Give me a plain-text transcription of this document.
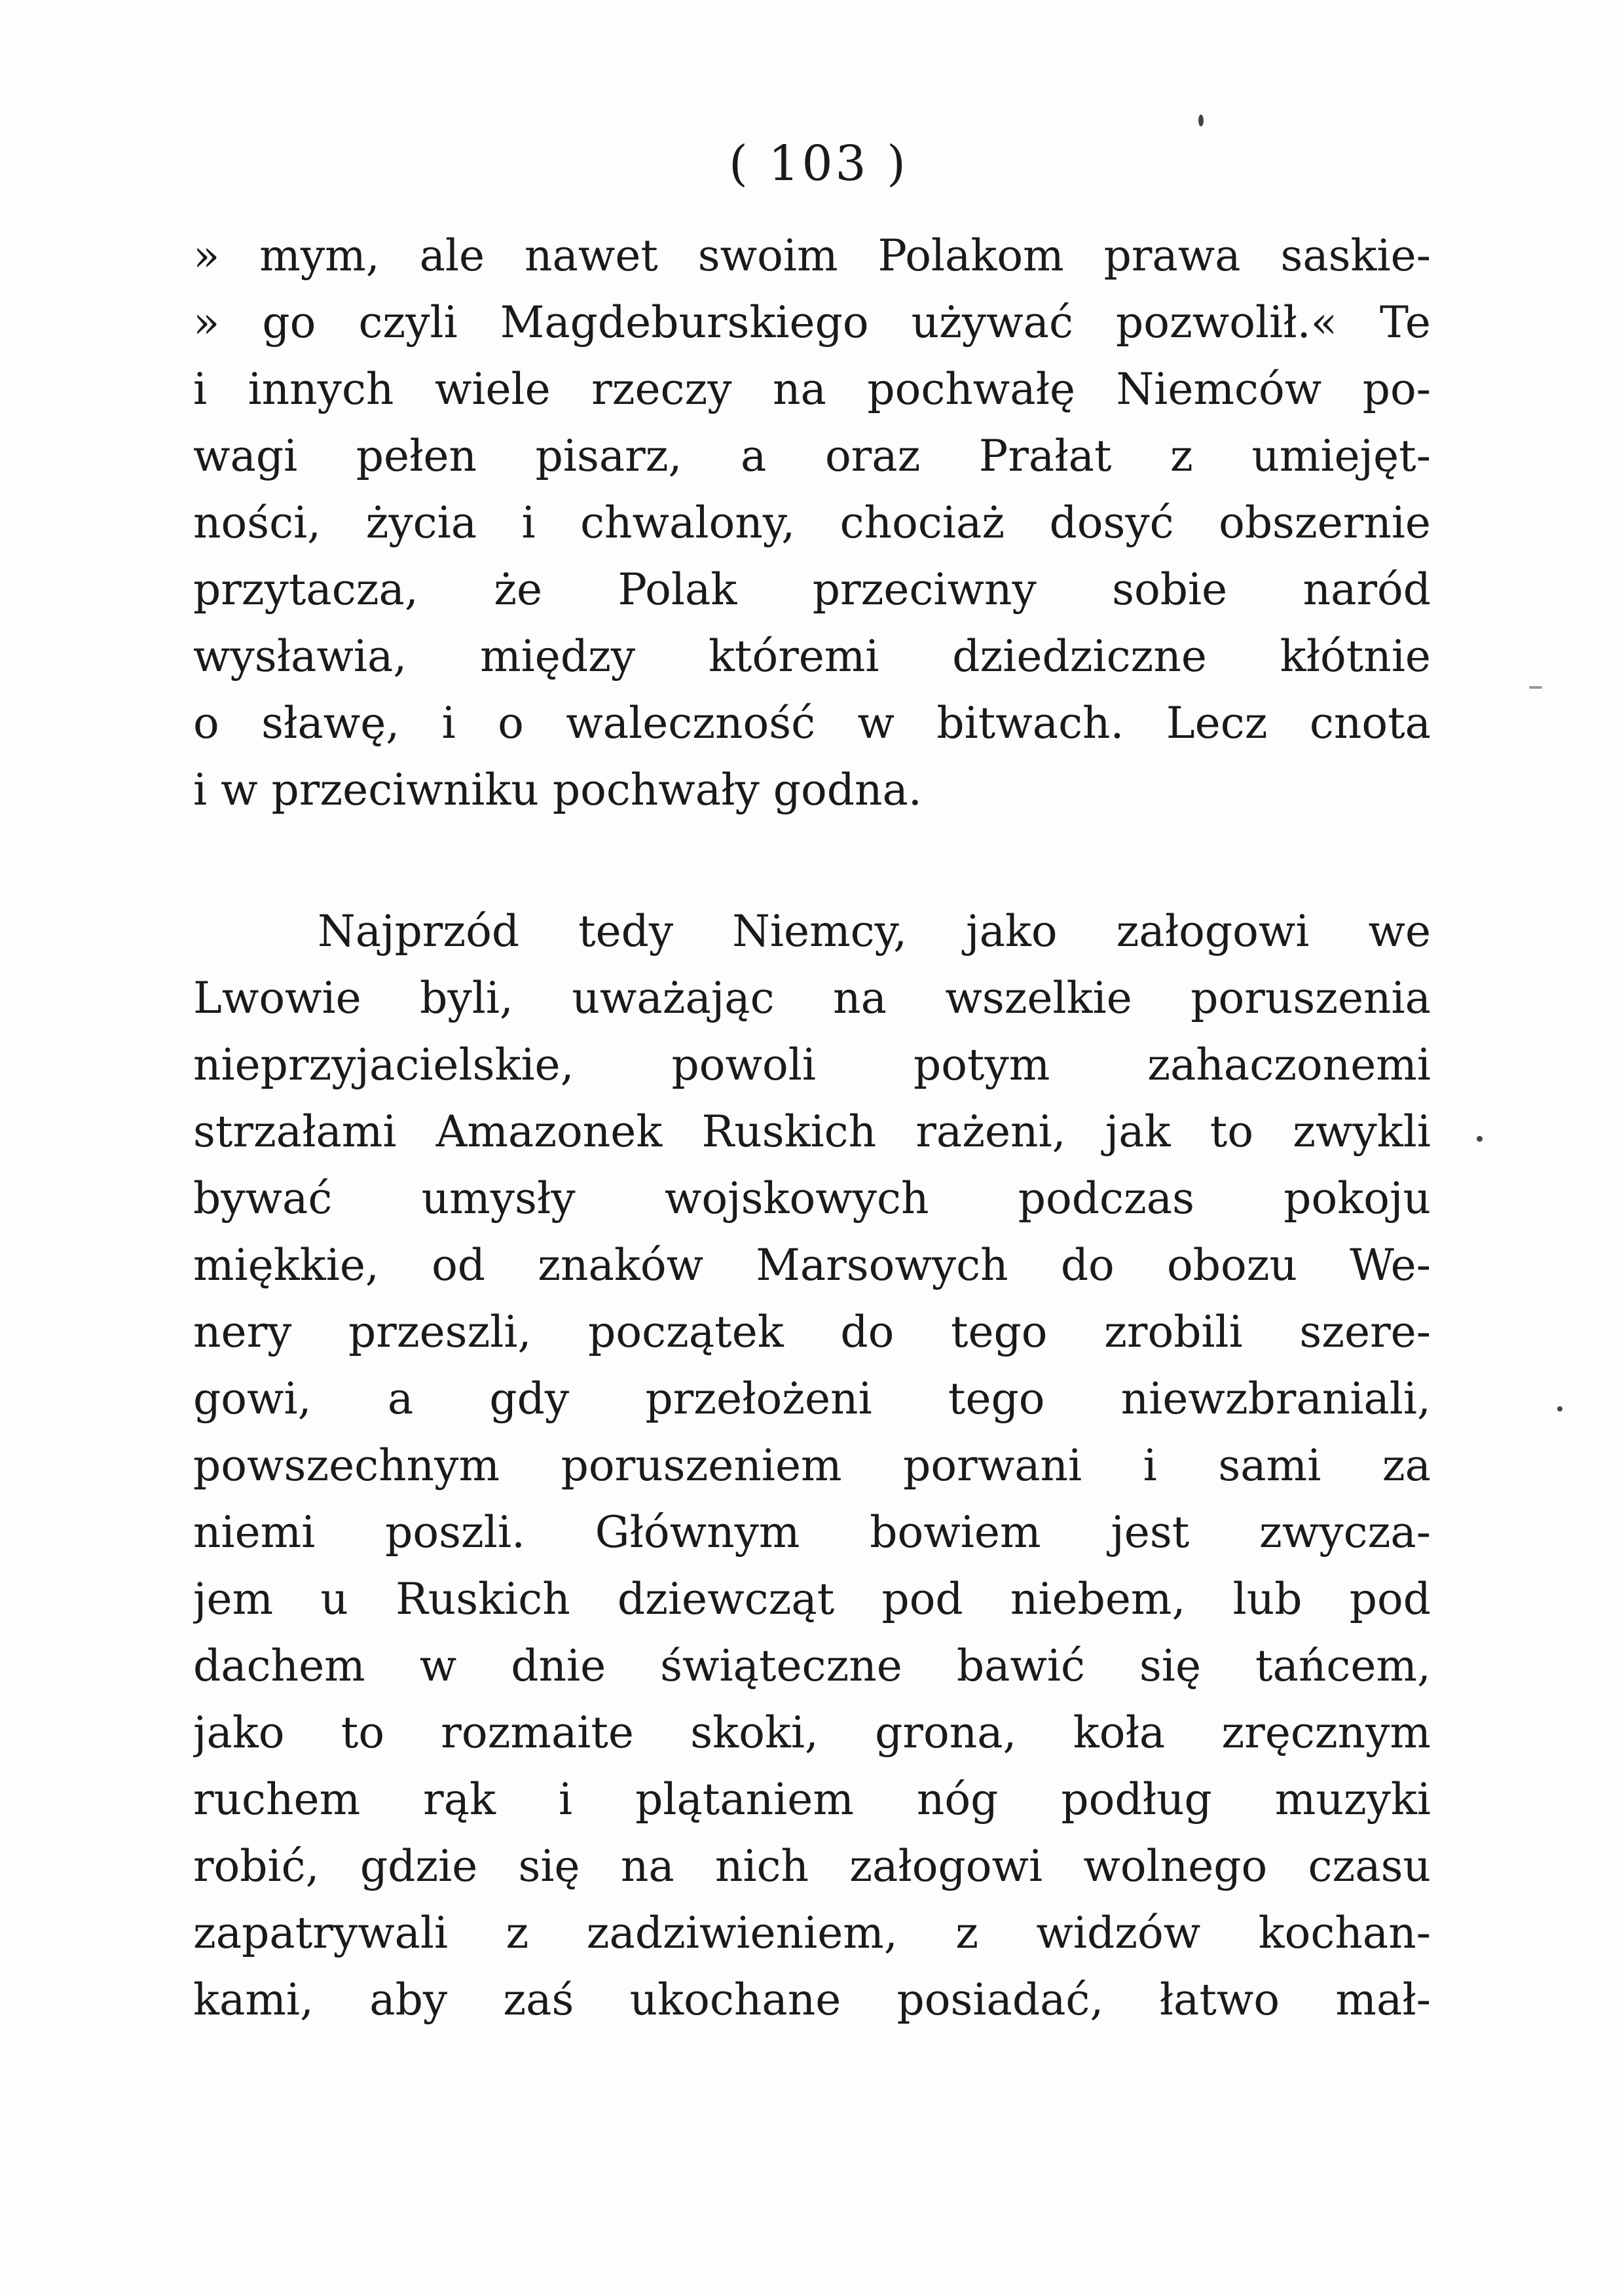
( 103 )
» mym, ale nawet swoim Polakom prawa saskie-
» go czyli Magdeburskiego używać pozwolił.« Te
i innych wiele rzeczy na pochwałę Niemców po-
wagi pełen pisarz, a oraz Prałat z umiejęt-
ności, życia i chwalony, chociaż dosyć obszernie
przytacza, że Polak przeciwny sobie naród
wysławia, między któremi dziedziczne kłótnie
o sławę, i o waleczność w bitwach. Lecz cnota
i w przeciwniku pochwały godna.
Najprzód tedy Niemcy, jako załogowi we
Lwowie byli, uważając na wszelkie poruszenia
nieprzyjacielskie, powoli potym zahaczonemi
strzałami Amazonek Ruskich rażeni, jak to zwykli
bywać umysły wojskowych podczas pokoju
miękkie, od znaków Marsowych do obozu We-
nery przeszli, początek do tego zrobili szere-
gowi, a gdy przełożeni tego niewzbraniali,
powszechnym poruszeniem porwani i sami za
niemi poszli. Głównym bowiem jest zwycza-
jem u Ruskich dziewcząt pod niebem, lub pod
dachem w dnie świąteczne bawić się tańcem,
jako to rozmaite skoki, grona, koła zręcznym
ruchem rąk i plątaniem nóg podług muzyki
robić, gdzie się na nich załogowi wolnego czasu
zapatrywali z zadziwieniem, z widzów kochan-
kami, aby zaś ukochane posiadać, łatwo mał-
